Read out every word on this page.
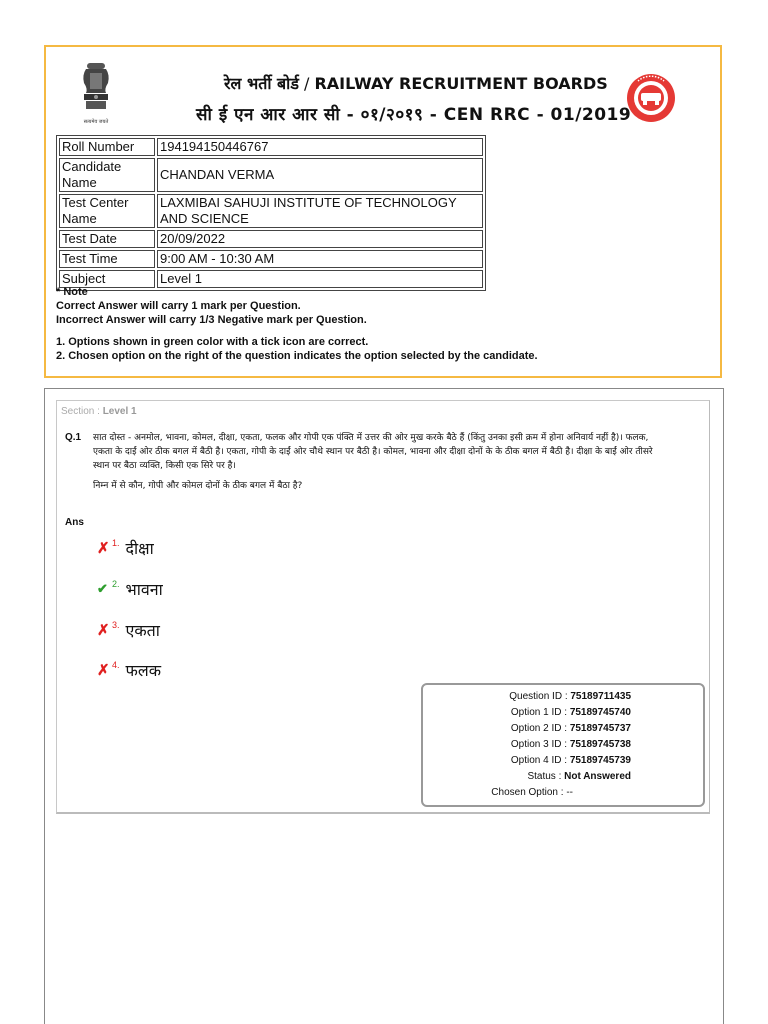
सत्यमेव जयते
रेल भर्ती बोर्ड / RAILWAY RECRUITMENT BOARDS
सी ई एन आर आर सी - ०१/२०१९ - CEN RRC - 01/2019
Roll Number	194194150446767
Candidate Name	CHANDAN VERMA
Test Center Name	LAXMIBAI SAHUJI INSTITUTE OF TECHNOLOGY AND SCIENCE
Test Date	20/09/2022
Test Time	9:00 AM - 10:30 AM
Subject	Level 1
* Note
Correct Answer will carry 1 mark per Question.
Incorrect Answer will carry 1/3 Negative mark per Question.
1. Options shown in green color with a tick icon are correct.
2. Chosen option on the right of the question indicates the option selected by the candidate.
Section : Level 1
Q.1 सात दोस्त - अनमोल, भावना, कोमल, दीक्षा, एकता, फलक और गोपी एक पंक्ति में उत्तर की ओर मुख करके बैठे हैं (किंतु उनका इसी क्रम में होना अनिवार्य नहीं है)। फलक, एकता के दाईं ओर ठीक बगल में बैठी है। एकता, गोपी के दाईं ओर चौथे स्थान पर बैठी है। कोमल, भावना और दीक्षा दोनों के के ठीक बगल में बैठी है। दीक्षा के बाईं ओर तीसरे स्थान पर बैठा व्यक्ति, किसी एक सिरे पर है।
निम्न में से कौन, गोपी और कोमल दोनों के ठीक बगल में बैठा है?
Ans
✗ $^{1.}$ दीक्षा
✔ $^{2.}$ भावना
✗ $^{3.}$ एकता
✗ $^{4.}$ फलक
Question ID : 75189711435
Option 1 ID : 75189745740
Option 2 ID : 75189745737
Option 3 ID : 75189745738
Option 4 ID : 75189745739
Status : Not Answered
Chosen Option : --
